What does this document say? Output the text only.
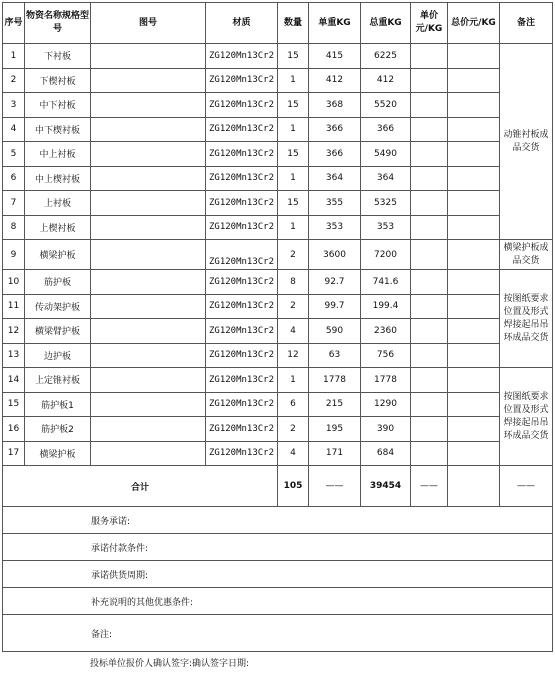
序号	物资名称规格型号	图号	材质	数量	单重KG	总重KG	单价元/KG	总价元/KG	备注
1	下衬板		ZG120Mn13Cr2	15	415	6225			动锥衬板成品交货
2	下楔衬板		ZG120Mn13Cr2	1	412	412			
3	中下衬板		ZG120Mn13Cr2	15	368	5520			
4	中下楔衬板		ZG120Mn13Cr2	1	366	366			
5	中上衬板		ZG120Mn13Cr2	15	366	5490			
6	中上楔衬板		ZG120Mn13Cr2	1	364	364			
7	上衬板		ZG120Mn13Cr2	15	355	5325			
8	上楔衬板		ZG120Mn13Cr2	1	353	353			
9	横梁护板		ZG120Mn13Cr2	2	3600	7200			横梁护板成品交货
10	筋护板		ZG120Mn13Cr2	8	92.7	741.6			按图纸要求位置及形式焊接起吊吊环成品交货
11	传动架护板		ZG120Mn13Cr2	2	99.7	199.4			
12	横梁臂护板		ZG120Mn13Cr2	4	590	2360			
13	边护板		ZG120Mn13Cr2	12	63	756			
14	上定锥衬板		ZG120Mn13Cr2	1	1778	1778			按图纸要求位置及形式焊接起吊吊环成品交货
15	筋护板1		ZG120Mn13Cr2	6	215	1290			
16	筋护板2		ZG120Mn13Cr2	2	195	390			
17	横梁护板		ZG120Mn13Cr2	4	171	684			
合计				105	——	39454	——		——
服务承诺:									
承诺付款条件:									
承诺供货周期:									
补充说明的其他优惠条件:									
备注:									
投标单位报价人确认签字:确认签字日期:
